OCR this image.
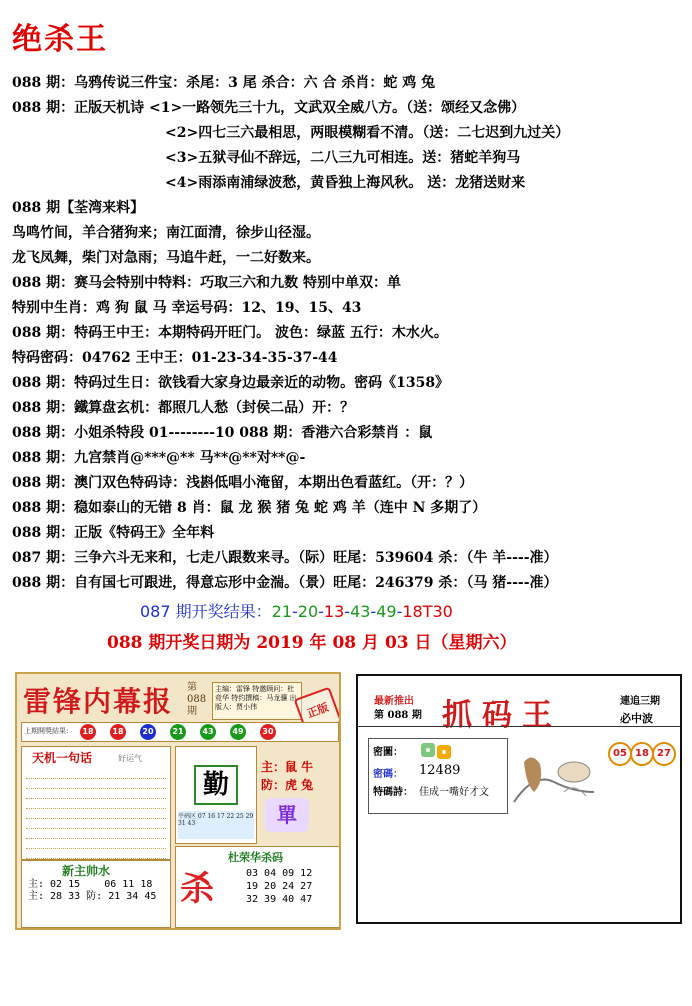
绝杀王
088 期：乌鸦传说三件宝：杀尾：3 尾 杀合：六 合 杀肖：蛇 鸡 兔
088 期：正版天机诗 <1>一路领先三十九，文武双全威八方。（送：颂经又念佛）
<2>四七三六最相思，两眼模糊看不清。（送：二七迟到九过关）
<3>五狱寻仙不辞远，二八三九可相连。送：猪蛇羊狗马
<4>雨添南浦绿波愁，黄昏独上海风秋。 送：龙猪送财来
088 期【荃湾来料】
鸟鸣竹间，羊合猪狗来；南江面清，徐步山径湿。
龙飞凤舞，柴门对急雨；马追牛赶，一二好数来。
088 期：赛马会特别中特料：巧取三六和九数 特别中单双：单
特别中生肖：鸡 狗 鼠 马 幸运号码：12、19、15、43
088 期：特码王中王：本期特码开旺门。 波色：绿蓝 五行：木水火。
特码密码：04762 王中王：01-23-34-35-37-44
088 期：特码过生日：欲钱看大家身边最亲近的动物。密码《1358》
088 期：鐵算盘玄机：都照几人愁（封侯二品）开：？
088 期：小姐杀特段 01--------10 088 期：香港六合彩禁肖 ：鼠
088 期：九宫禁肖@***@** 马**@**对**@-
088 期：澳门双色特码诗：浅斟低唱小淹留，本期出色看蓝红。（开：？）
088 期：稳如泰山的无错 8 肖：鼠 龙 猴 猪 兔 蛇 鸡 羊（连中 N 多期了）
088 期：正版《特码王》全年料
087 期：三争六斗无来和，七走八跟数来寻。（际）旺尾：539604 杀：（牛 羊----准）
088 期：自有国七可跟进，得意忘形中金湍。（景）旺尾：246379 杀：（马 猪----准）
087 期开奖结果：21-20-13-43-49-18T30
088 期开奖日期为 2019 年 08 月 03 日（星期六）
雷锋内幕报 第088期
主编：雷锋 特邀顾问：杜竞华 特约撰稿：马龙骧 出版人：贾小伟	正版
上期開獎結果:	18	18	20	21	43	49	30
天机一句话	好运气
新主帅水
主: 02 15    06 11 18
主: 28 33 防: 21 34 45
勤
平码区 07 16 17 22 25 29 31 43
主：鼠 牛
防：虎 兔
單
杜荣华杀码
杀	03 04 09 12
19 20 24 27
32 39 40 47
最新推出
第 088 期 抓码王	連追三期
必中波
密圖：
密碼： 12489
特碼詩： 佳成一嘴好才文
05 18 27
